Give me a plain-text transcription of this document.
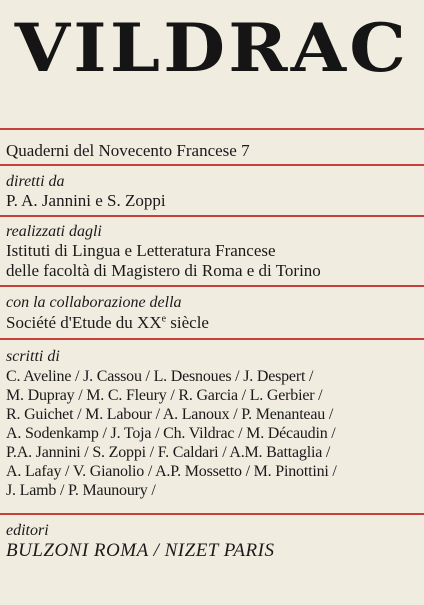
VILDRAC
Quaderni del Novecento Francese 7
diretti da
P. A. Jannini e S. Zoppi
realizzati dagli
Istituti di Lingua e Letteratura Francese
delle facoltà di Magistero di Roma e di Torino
con la collaborazione della
Société d'Etude du XXe siècle
scritti di
C. Aveline / J. Cassou / L. Desnoues / J. Despert /
M. Dupray / M. C. Fleury / R. Garcia / L. Gerbier /
R. Guichet / M. Labour / A. Lanoux / P. Menanteau /
A. Sodenkamp / J. Toja / Ch. Vildrac / M. Décaudin /
P.A. Jannini / S. Zoppi / F. Caldari / A.M. Battaglia /
A. Lafay / V. Gianolio / A.P. Mossetto / M. Pinottini /
J. Lamb / P. Maunoury /
editori
BULZONI ROMA / NIZET PARIS
